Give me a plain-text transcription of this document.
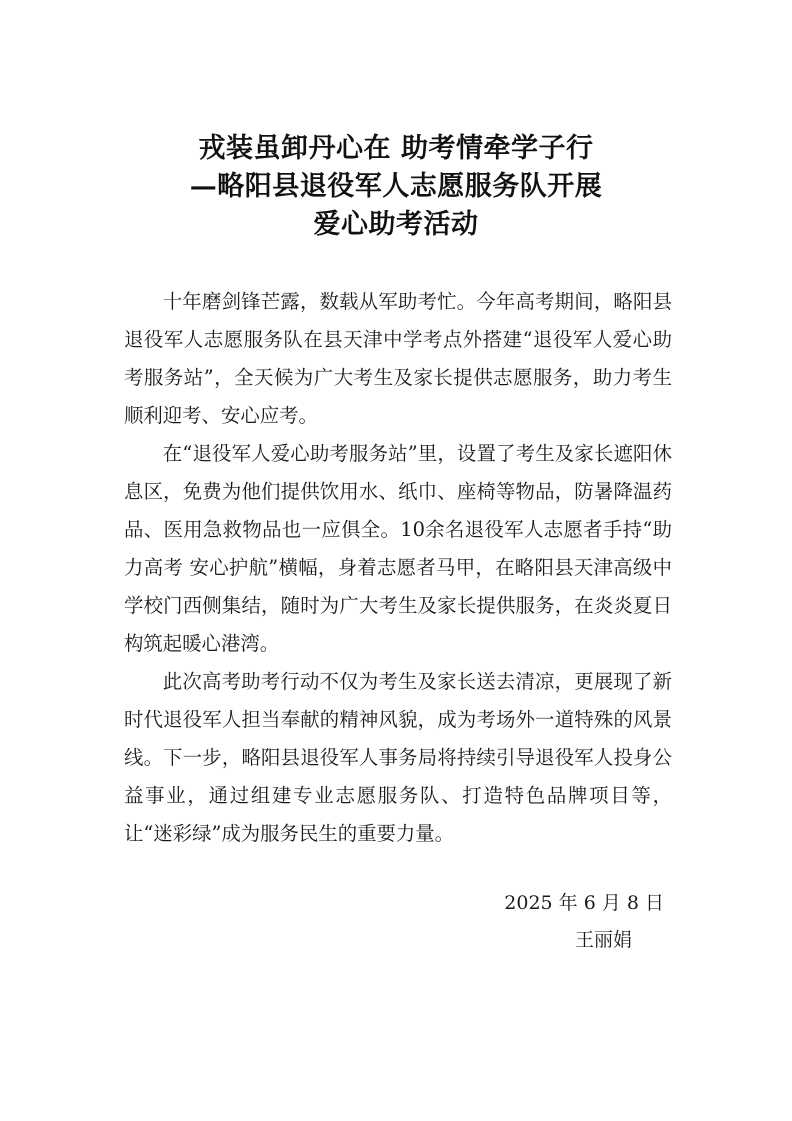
戎装虽卸丹心在 助考情牵学子行
—略阳县退役军人志愿服务队开展
爱心助考活动

十年磨剑锋芒露，数载从军助考忙。今年高考期间，略阳县退役军人志愿服务队在县天津中学考点外搭建“退役军人爱心助考服务站”，全天候为广大考生及家长提供志愿服务，助力考生顺利迎考、安心应考。

在“退役军人爱心助考服务站”里，设置了考生及家长遮阳休息区，免费为他们提供饮用水、纸巾、座椅等物品，防暑降温药品、医用急救物品也一应俱全。10余名退役军人志愿者手持“助力高考 安心护航”横幅，身着志愿者马甲，在略阳县天津高级中学校门西侧集结，随时为广大考生及家长提供服务，在炎炎夏日构筑起暖心港湾。

此次高考助考行动不仅为考生及家长送去清凉，更展现了新时代退役军人担当奉献的精神风貌，成为考场外一道特殊的风景线。下一步，略阳县退役军人事务局将持续引导退役军人投身公益事业，通过组建专业志愿服务队、打造特色品牌项目等，让“迷彩绿”成为服务民生的重要力量。

2025 年 6 月 8 日
王丽娟
